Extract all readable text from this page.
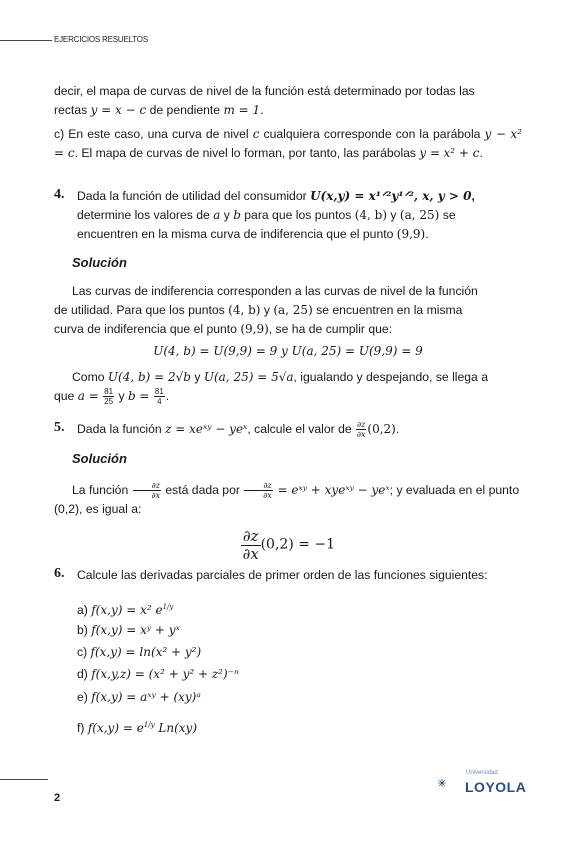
EJERCICIOS RESUELTOS
decir, el mapa de curvas de nivel de la función está determinado por todas las
rectas y = x − c de pendiente m = 1.
c) En este caso, una curva de nivel c cualquiera corresponde con la parábola y − x² = c. El mapa de curvas de nivel lo forman, por tanto, las parábolas y = x² + c.
4. Dada la función de utilidad del consumidor U(x,y) = x¹ᐟ²y¹ᐟ², x, y > 0,
determine los valores de a y b para que los puntos (4, b) y (a, 25) se
encuentren en la misma curva de indiferencia que el punto (9,9).
Solución
Las curvas de indiferencia corresponden a las curvas de nivel de la función
de utilidad. Para que los puntos (4, b) y (a, 25) se encuentren en la misma
curva de indiferencia que el punto (9,9), se ha de cumplir que:
U(4, b) = U(9,9) = 9 y U(a, 25) = U(9,9) = 9
Como U(4, b) = 2√b y U(a, 25) = 5√a, igualando y despejando, se llega a
que $a = \frac{81}{25}$ y $b = \frac{81}{4}$ .
5. Dada la función z = xeˣʸ − yeˣ, calcule el valor de $\frac{\partial z}{\partial x} (0,2)$.
Solución
La función $\frac{\partial z}{\partial x}$ está dada por $\frac{\partial z}{\partial x}$ = eˣʸ + xyeˣʸ − yeˣ; y evaluada en el punto
(0,2), es igual a:
$\frac{\partial z}{\partial x} (0,2) = -1$
6. Calcule las derivadas parciales de primer orden de las funciones siguientes:
a) f(x,y) = x² $e^{1/y}$
b) f(x,y) = xʸ + yˣ
c) f(x,y) = ln(x² + y²)
d) f(x,y,z) = (x² + y² + z²)⁻ⁿ
e) f(x,y) = aˣʸ + (xy)ᵃ
f) $f(x,y) = e^{1/y}$ Ln(xy)
2
Universidad
LOYOLA
